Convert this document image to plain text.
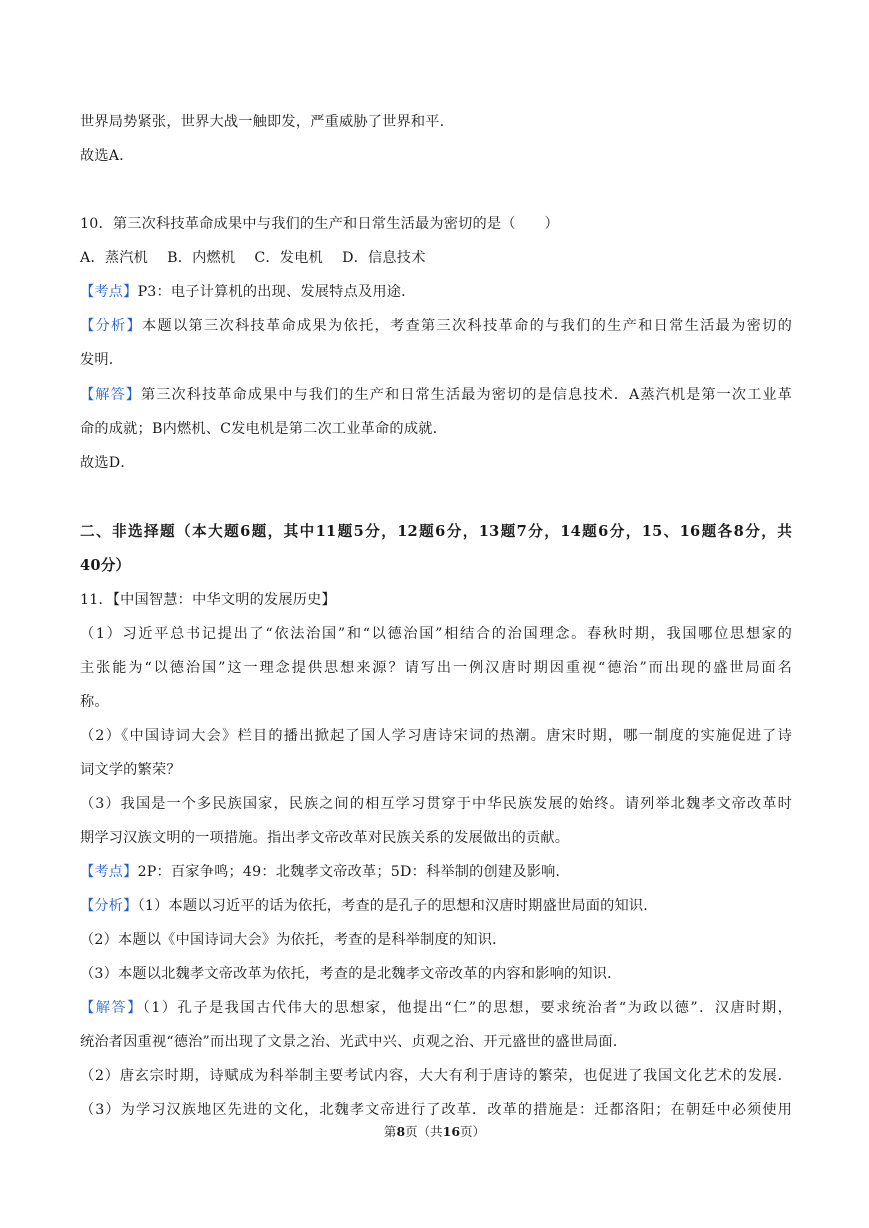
世界局势紧张，世界大战一触即发，严重威胁了世界和平．
故选A．
10．第三次科技革命成果中与我们的生产和日常生活最为密切的是（　　）
A．蒸汽机　 B．内燃机　 C．发电机　 D．信息技术
【考点】P3：电子计算机的出现、发展特点及用途．
【分析】本题以第三次科技革命成果为依托，考查第三次科技革命的与我们的生产和日常生活最为密切的
发明．
【解答】第三次科技革命成果中与我们的生产和日常生活最为密切的是信息技术．A蒸汽机是第一次工业革
命的成就；B内燃机、C发电机是第二次工业革命的成就．
故选D．
二、非选择题（本大题6题，其中11题5分，12题6分，13题7分，14题6分，15、16题各8分，共
40分）
11．【中国智慧：中华文明的发展历史】
（1）习近平总书记提出了“依法治国”和“以德治国”相结合的治国理念。春秋时期，我国哪位思想家的
主张能为“以德治国”这一理念提供思想来源？请写出一例汉唐时期因重视“德治”而出现的盛世局面名
称。
（2）《中国诗词大会》栏目的播出掀起了国人学习唐诗宋词的热潮。唐宋时期，哪一制度的实施促进了诗
词文学的繁荣？
（3）我国是一个多民族国家，民族之间的相互学习贯穿于中华民族发展的始终。请列举北魏孝文帝改革时
期学习汉族文明的一项措施。指出孝文帝改革对民族关系的发展做出的贡献。
【考点】2P：百家争鸣；49：北魏孝文帝改革；5D：科举制的创建及影响．
【分析】（1）本题以习近平的话为依托，考查的是孔子的思想和汉唐时期盛世局面的知识．
（2）本题以《中国诗词大会》为依托，考查的是科举制度的知识．
（3）本题以北魏孝文帝改革为依托，考查的是北魏孝文帝改革的内容和影响的知识．
【解答】（1）孔子是我国古代伟大的思想家，他提出“仁”的思想，要求统治者“为政以德”．汉唐时期，
统治者因重视“德治”而出现了文景之治、光武中兴、贞观之治、开元盛世的盛世局面．
（2）唐玄宗时期，诗赋成为科举制主要考试内容，大大有利于唐诗的繁荣，也促进了我国文化艺术的发展．
（3）为学习汉族地区先进的文化，北魏孝文帝进行了改革．改革的措施是：迁都洛阳；在朝廷中必须使用
第8页（共16页）
